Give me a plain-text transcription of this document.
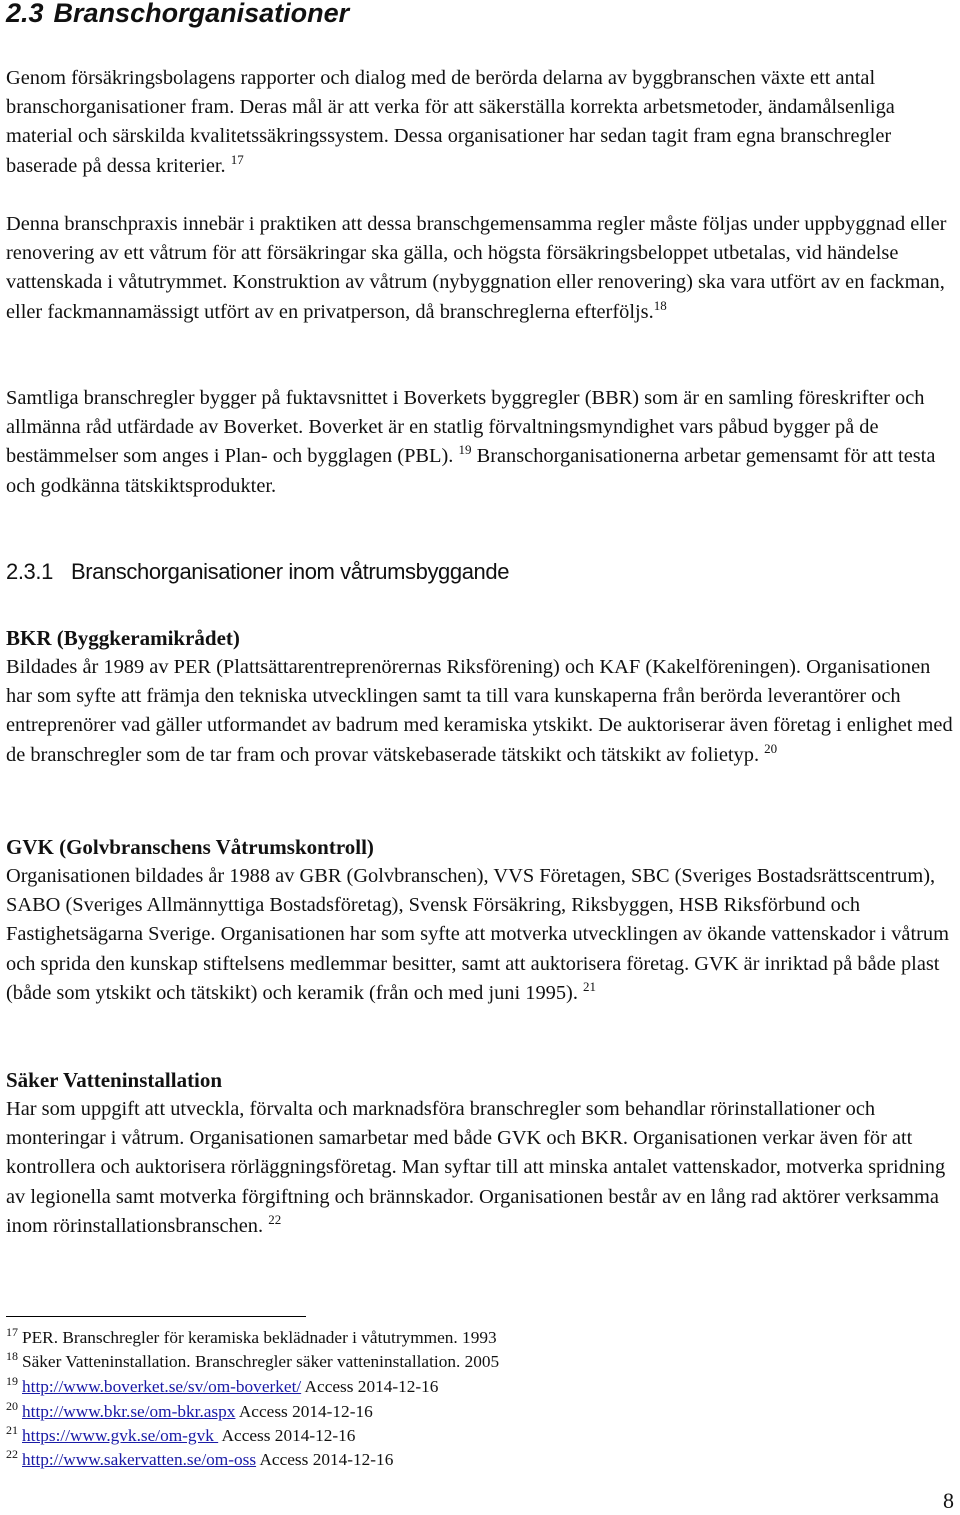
2.3 Branschorganisationer

Genom försäkringsbolagens rapporter och dialog med de berörda delarna av byggbranschen växte ett antal branschorganisationer fram. Deras mål är att verka för att säkerställa korrekta arbetsmetoder, ändamålsenliga material och särskilda kvalitetssäkringssystem. Dessa organisationer har sedan tagit fram egna branschregler baserade på dessa kriterier. $^{17}$

Denna branschpraxis innebär i praktiken att dessa branschgemensamma regler måste följas under uppbyggnad eller renovering av ett våtrum för att försäkringar ska gälla, och högsta försäkringsbeloppet utbetalas, vid händelse vattenskada i våtutrymmet. Konstruktion av våtrum (nybyggnation eller renovering) ska vara utfört av en fackman, eller fackmannamässigt utfört av en privatperson, då branschreglerna efterföljs.$^{18}$

Samtliga branschregler bygger på fuktavsnittet i Boverkets byggregler (BBR) som är en samling föreskrifter och allmänna råd utfärdade av Boverket. Boverket är en statlig förvaltningsmyndighet vars påbud bygger på de bestämmelser som anges i Plan- och bygglagen (PBL). $^{19}$ Branschorganisationerna arbetar gemensamt för att testa och godkänna tätskiktsprodukter.

2.3.1 Branschorganisationer inom våtrumsbyggande
BKR (Byggkeramikrådet)

Bildades år 1989 av PER (Plattsättarentreprenörernas Riksförening) och KAF (Kakelföreningen). Organisationen har som syfte att främja den tekniska utvecklingen samt ta till vara kunskaperna från berörda leverantörer och entreprenörer vad gäller utformandet av badrum med keramiska ytskikt. De auktoriserar även företag i enlighet med de branschregler som de tar fram och provar vätskebaserade tätskikt och tätskikt av folietyp. $^{20}$

GVK (Golvbranschens Våtrumskontroll)

Organisationen bildades år 1988 av GBR (Golvbranschen), VVS Företagen, SBC (Sveriges Bostadsrättscentrum), SABO (Sveriges Allmännyttiga Bostadsföretag), Svensk Försäkring, Riksbyggen, HSB Riksförbund och Fastighetsägarna Sverige. Organisationen har som syfte att motverka utvecklingen av ökande vattenskador i våtrum och sprida den kunskap stiftelsens medlemmar besitter, samt att auktorisera företag. GVK är inriktad på både plast (både som ytskikt och tätskikt) och keramik (från och med juni 1995). $^{21}$

Säker Vatteninstallation

Har som uppgift att utveckla, förvalta och marknadsföra branschregler som behandlar rörinstallationer och monteringar i våtrum. Organisationen samarbetar med både GVK och BKR. Organisationen verkar även för att kontrollera och auktorisera rörläggningsföretag. Man syftar till att minska antalet vattenskador, motverka spridning av legionella samt motverka förgiftning och brännskador. Organisationen består av en lång rad aktörer verksamma inom rörinstallationsbranschen. $^{22}$

$^{17}$ PER. Branschregler för keramiska beklädnader i våtutrymmen. 1993
$^{18}$ Säker Vatteninstallation. Branschregler säker vatteninstallation. 2005
$^{19}$ http://www.boverket.se/sv/om-boverket/ Access 2014-12-16
$^{20}$ http://www.bkr.se/om-bkr.aspx Access 2014-12-16
$^{21}$ https://www.gvk.se/om-gvk  Access 2014-12-16
$^{22}$ http://www.sakervatten.se/om-oss Access 2014-12-16
8
